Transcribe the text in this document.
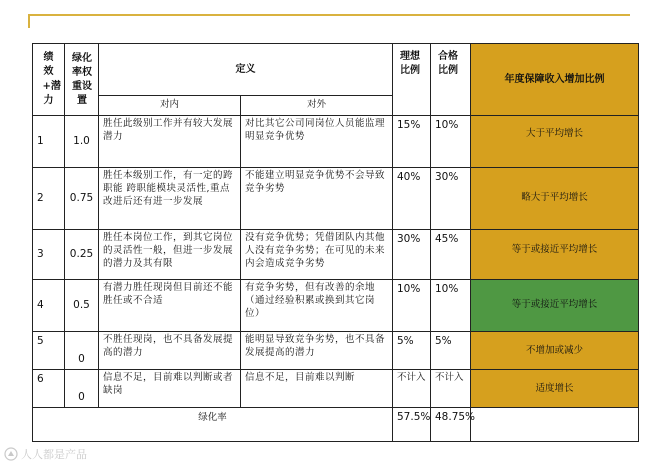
绩效+潜力	绿化率权重设置	定义		理想比例	合格比例	年度保障收入增加比例
		对内	对外			
1	1.0	胜任此级别工作并有较大发展潜力	对比其它公司同岗位人员能监理明显竞争优势	15%	10%	大于平均增长
2	0.75	胜任本级别工作，有一定的跨职能 跨职能模块灵活性,重点改进后还有进一步发展	不能建立明显竞争优势不会导致竞争劣势	40%	30%	略大于平均增长
3	0.25	胜任本岗位工作，到其它岗位的灵活性一般，但进一步发展的潜力及其有限	没有竞争优势；凭借团队内其他人没有竞争劣势；在可见的未来内会造成竞争劣势	30%	45%	等于或接近平均增长
4	0.5	有潜力胜任现岗但目前还不能胜任或不合适	有竞争劣势，但有改善的余地（通过经验积累或换到其它岗位）	10%	10%	等于或接近平均增长
5	0	不胜任现岗，也不具备发展提高的潜力	能明显导致竞争劣势，也不具备发展提高的潜力	5%	5%	不增加或减少
6	0	信息不足，目前难以判断或者缺岗	信息不足，目前难以判断	不计入	不计入	适度增长
绿化率				57.5%	48.75%	
人人都是产品
